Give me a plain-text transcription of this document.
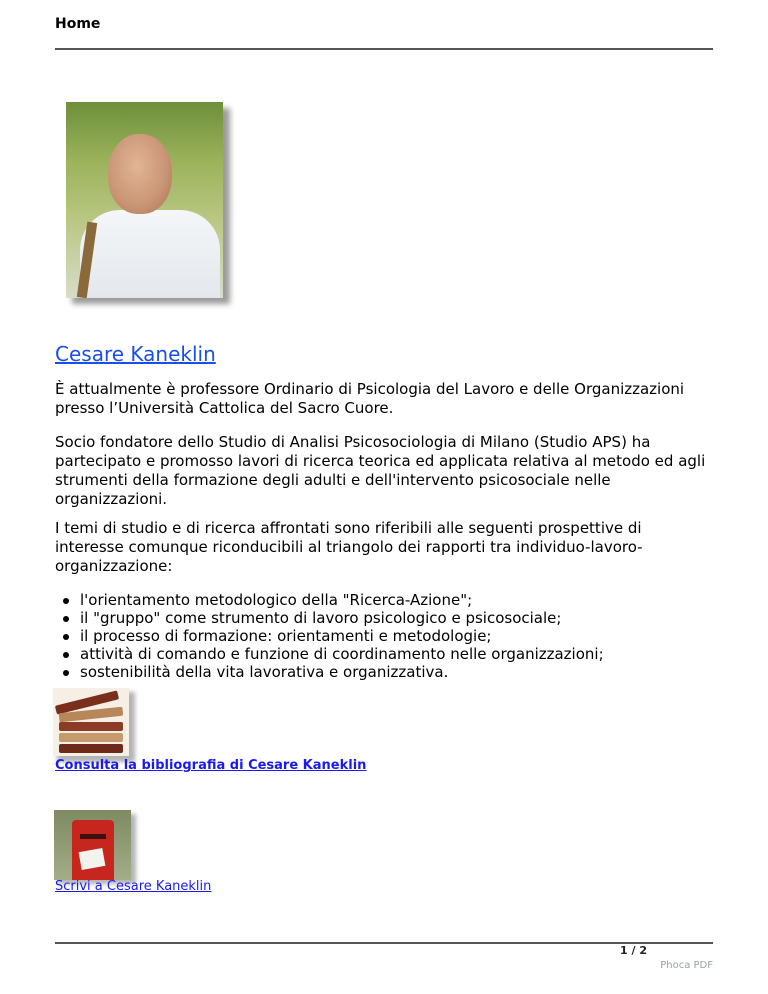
Home
Cesare Kaneklin

È attualmente è professore Ordinario di Psicologia del Lavoro e delle Organizzazioni presso l’Università Cattolica del Sacro Cuore.

Socio fondatore dello Studio di Analisi Psicosociologia di Milano (Studio APS) ha partecipato e promosso lavori di ricerca teorica ed applicata relativa al metodo ed agli strumenti della formazione degli adulti e dell'intervento psicosociale nelle organizzazioni.

I temi di studio e di ricerca affrontati sono riferibili alle seguenti prospettive di interesse comunque riconducibili al triangolo dei rapporti tra individuo-lavoro-organizzazione:

l'orientamento metodologico della "Ricerca-Azione";
il "gruppo" come strumento di lavoro psicologico e psicosociale;
il processo di formazione: orientamenti e metodologie;
attività di comando e funzione di coordinamento nelle organizzazioni;
sostenibilità della vita lavorativa e organizzativa.
Consulta la bibliografia di Cesare Kaneklin
Scrivi a Cesare Kaneklin
1 / 2
Phoca PDF
